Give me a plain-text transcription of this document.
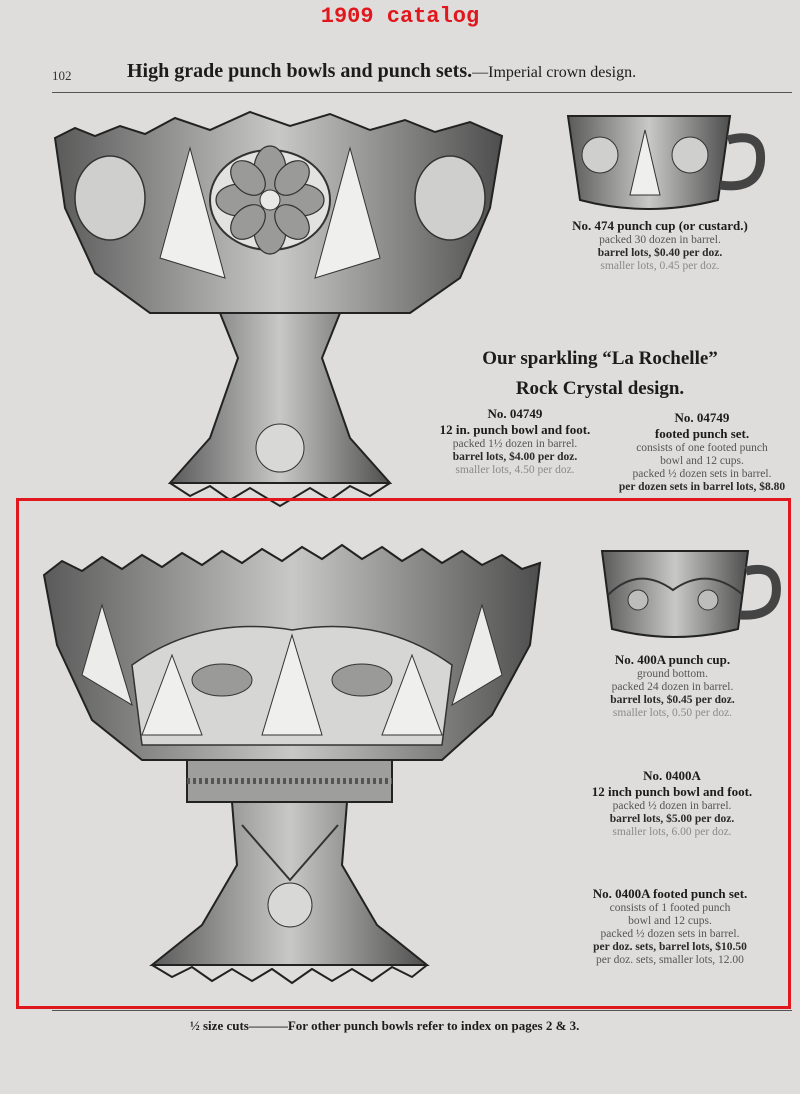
1909 catalog
102	High grade punch bowls and punch sets.—Imperial crown design.
No. 474 punch cup (or custard.)
packed 30 dozen in barrel.
barrel lots, $0.40 per doz.
smaller lots, 0.45 per doz.
Our sparkling “La Rochelle”
Rock Crystal design.
No. 04749
12 in. punch bowl and foot.
packed 1½ dozen in barrel.
barrel lots, $4.00 per doz.
smaller lots, 4.50 per doz.
No. 04749
footed punch set.
consists of one footed punch
bowl and 12 cups.
packed ½ dozen sets in barrel.
per dozen sets in barrel lots, $8.80
No. 400A punch cup.
ground bottom.
packed 24 dozen in barrel.
barrel lots, $0.45 per doz.
smaller lots, 0.50 per doz.
No. 0400A
12 inch punch bowl and foot.
packed ½ dozen in barrel.
barrel lots, $5.00 per doz.
smaller lots, 6.00 per doz.
No. 0400A footed punch set.
consists of 1 footed punch
bowl and 12 cups.
packed ½ dozen sets in barrel.
per doz. sets, barrel lots, $10.50
per doz. sets, smaller lots, 12.00
½ size cuts———For other punch bowls refer to index on pages 2 & 3.
